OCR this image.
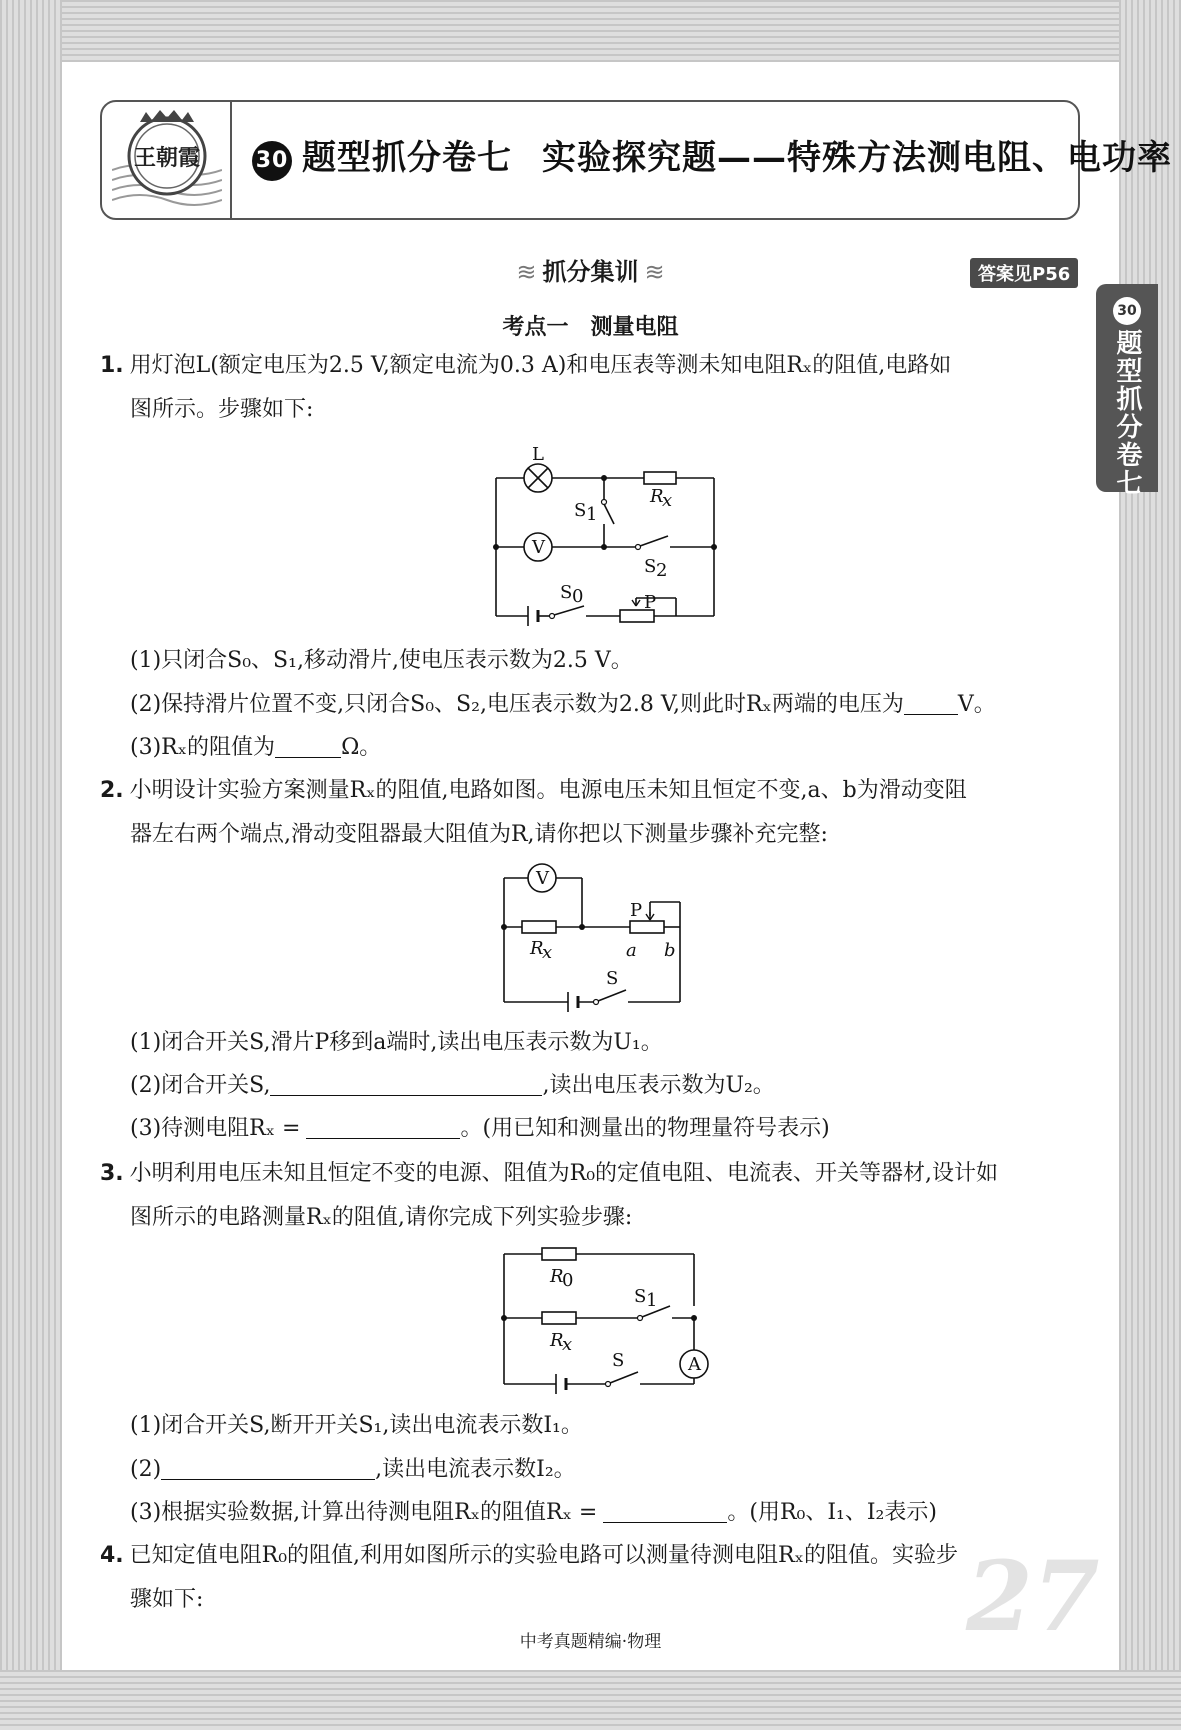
王朝霞	30 题型抓分卷七 实验探究题——特殊方法测电阻、电功率
≋ 抓分集训 ≋	答案见P56
30
题型抓分卷七
考点一　测量电阻
1. 用灯泡L(额定电压为2.5 V,额定电流为0.3 A)和电压表等测未知电阻Rₓ的阻值,电路如
图所示。步骤如下:
L
R
x
S 1
V
S 2
S 0	P
(1)只闭合S₀、S₁,移动滑片,使电压表示数为2.5 V。
(2)保持滑片位置不变,只闭合S₀、S₂,电压表示数为2.8 V,则此时Rₓ两端的电压为 V。
(3)Rₓ的阻值为	Ω。
2. 小明设计实验方案测量Rₓ的阻值,电路如图。电源电压未知且恒定不变,a、b为滑动变阻
器左右两个端点,滑动变阻器最大阻值为R,请你把以下测量步骤补充完整:
V
P
R
x	a b
S
(1)闭合开关S,滑片P移到a端时,读出电压表示数为U₁。
(2)闭合开关S,	,读出电压表示数为U₂。
(3)待测电阻Rₓ =	。(用已知和测量出的物理量符号表示)
3. 小明利用电压未知且恒定不变的电源、阻值为R₀的定值电阻、电流表、开关等器材,设计如
图所示的电路测量Rₓ的阻值,请你完成下列实验步骤:
R
0
S 1
R
x
A
S
(1)闭合开关S,断开开关S₁,读出电流表示数I₁。
(2)	,读出电流表示数I₂。
(3)根据实验数据,计算出待测电阻Rₓ的阻值Rₓ =	。(用R₀、I₁、I₂表示)
4. 已知定值电阻R₀的阻值,利用如图所示的实验电路可以测量待测电阻Rₓ的阻值。实验步
骤如下:	27
中考真题精编·物理
